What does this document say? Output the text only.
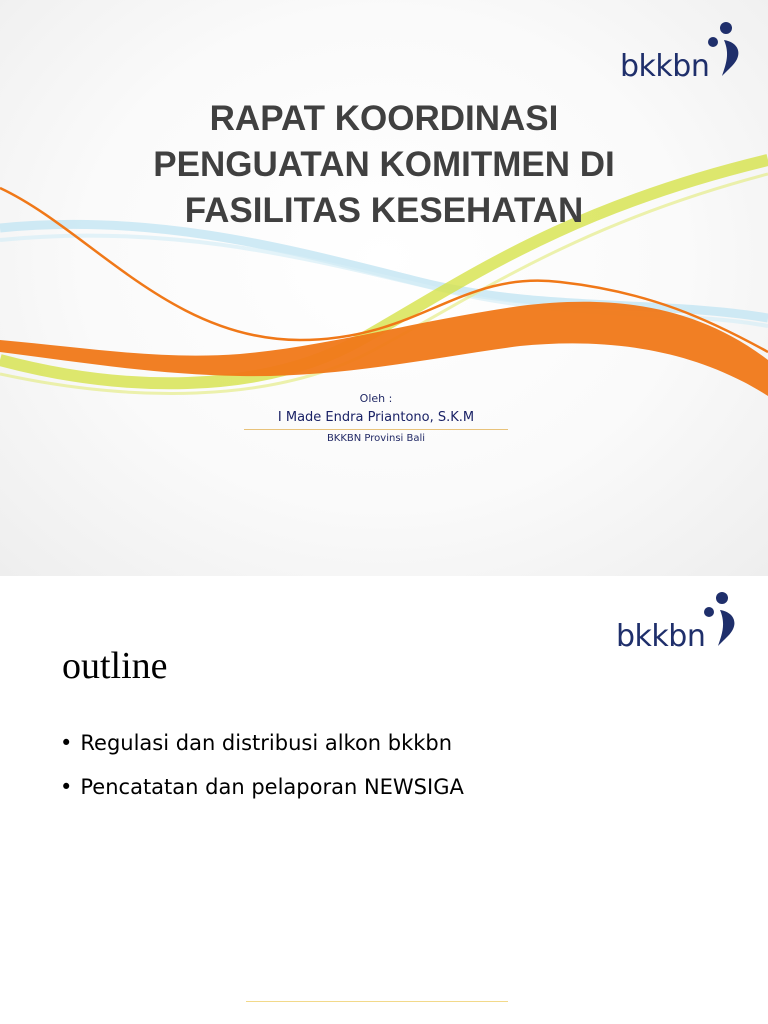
bkkbn
RAPAT KOORDINASI
PENGUATAN KOMITMEN DI
FASILITAS KESEHATAN
Oleh :
I Made Endra Priantono, S.K.M
BKKBN Provinsi Bali
bkkbn
outline
• Regulasi dan distribusi alkon bkkbn
• Pencatatan dan pelaporan NEWSIGA
